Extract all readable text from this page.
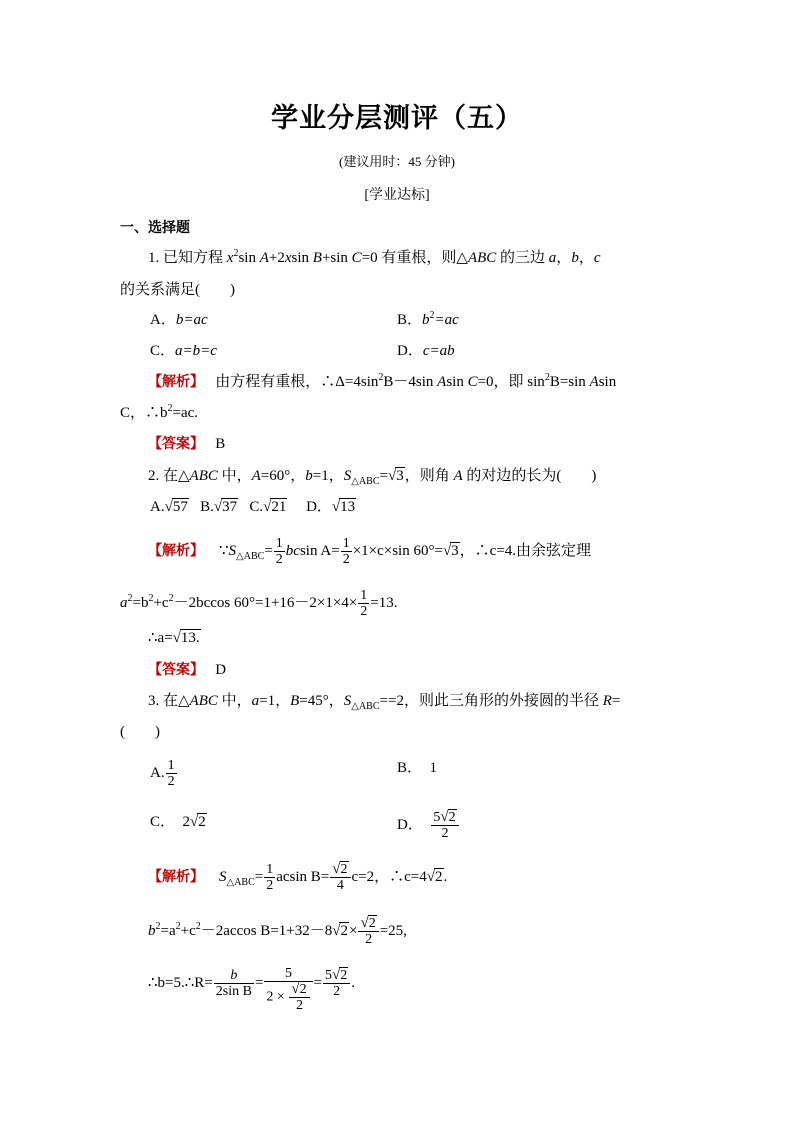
学业分层测评（五）
(建议用时：45 分钟)
[学业达标]
一、选择题
1. 已知方程 $x^2\sin$ A+2xsin B+sin C=0 有重根，则△ABC 的三边 a，b，c
的关系满足(　　)
A．b=ac	B．$b^2=ac$
C．a=b=c	D．c=ab
【解析】 由方程有重根，$\therefore\Delta=4\sin^2B-4\sin$ Asin C=0，即 $\sin^2B=\sin$ Asin
C，$\therefore b^2=ac$.
【答案】 B
2. 在△ABC 中，A=60°，b=1，$S_{\triangle ABC}=√3$，则角 A 的对边的长为(　　)
A.√57 B.√37 C.√21 D．√13
【解析】 $\because S_{\triangle ABC}= \frac{1}{2}$ bcsin $A= \frac{1}{2} \times 1\times c\times\sin$ 60°=√3，∴c=4.由余弦定理
$a^2=b^2+c^2-2bccos$ $60^\circ=1+16-2\times 1\times 4\times \frac{1}{2} =13$.
∴a=√13.
【答案】 D
3. 在△ABC 中，a=1，B=45°，$S_{\triangle ABC}==2$，则此三角形的外接圆的半径 R=
(　　)
A. $\frac{1}{2}$	B．　1
C．　2√2	D． $\frac{5√2}{2}$
【解析】 $S_{\triangle ABC}= \frac{1}{2}$ acsin $B= \frac{√2}{4} c=2$，∴c=4√2.
$b^2=a^2+c^2-2accos$ $B=1+32-8√2\times \frac{√2}{2} =25$,
∴b=5.∴R= $\frac{b}{\text{2sin B}} = \frac{5}{2 \times \frac{√2}{2}} = \frac{5√2}{2}$ .
